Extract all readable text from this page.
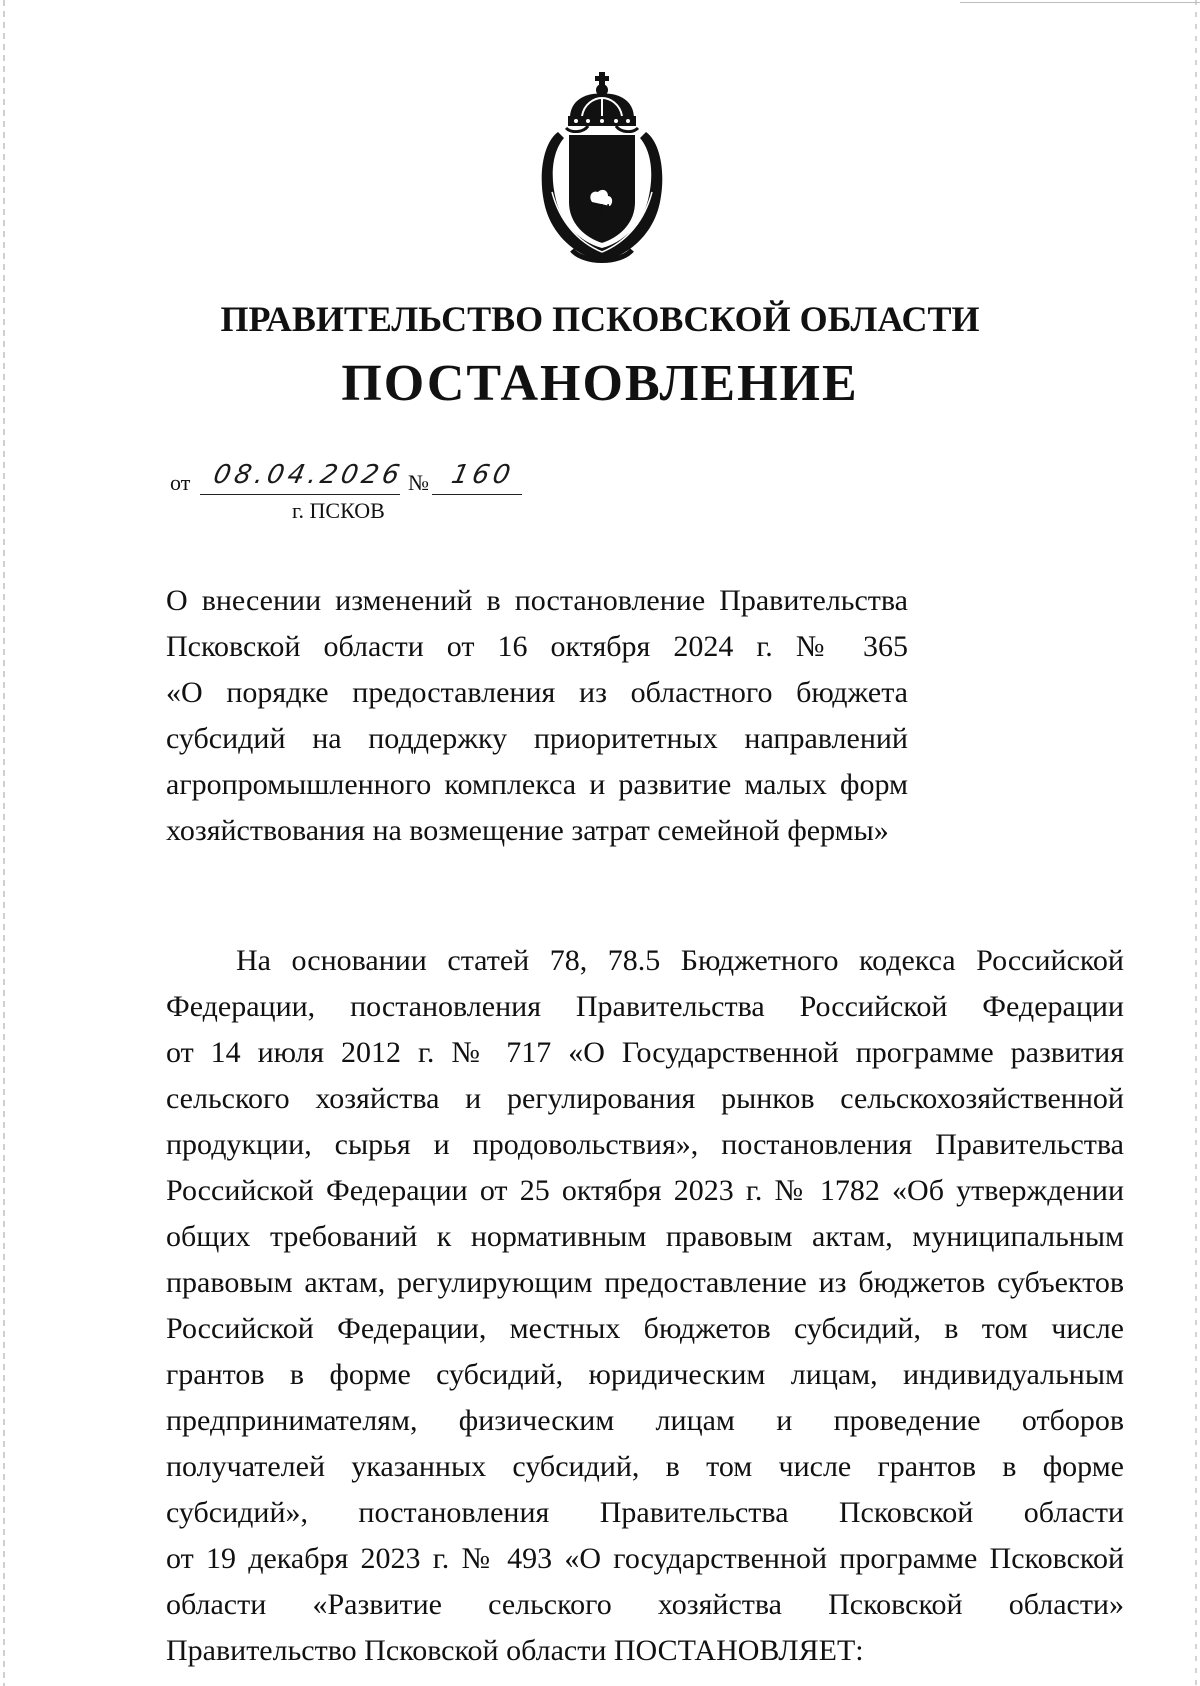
ПРАВИТЕЛЬСТВО ПСКОВСКОЙ ОБЛАСТИ
ПОСТАНОВЛЕНИЕ
от 08.04.2026 № 160
г. ПСКОВ
О внесении изменений в постановление Правительства
Псковской области от 16 октября 2024 г. № 365
«О порядке предоставления из областного бюджета
субсидий на поддержку приоритетных направлений
агропромышленного комплекса и развитие малых форм
хозяйствования на возмещение затрат семейной фермы»
На основании статей 78, 78.5 Бюджетного кодекса Российской
Федерации, постановления Правительства Российской Федерации
от 14 июля 2012 г. № 717 «О Государственной программе развития
сельского хозяйства и регулирования рынков сельскохозяйственной
продукции, сырья и продовольствия», постановления Правительства
Российской Федерации от 25 октября 2023 г. № 1782 «Об утверждении
общих требований к нормативным правовым актам, муниципальным
правовым актам, регулирующим предоставление из бюджетов субъектов
Российской Федерации, местных бюджетов субсидий, в том числе
грантов в форме субсидий, юридическим лицам, индивидуальным
предпринимателям, физическим лицам и проведение отборов
получателей указанных субсидий, в том числе грантов в форме
субсидий», постановления Правительства Псковской области
от 19 декабря 2023 г. № 493 «О государственной программе Псковской
области «Развитие сельского хозяйства Псковской области»
Правительство Псковской области ПОСТАНОВЛЯЕТ:
